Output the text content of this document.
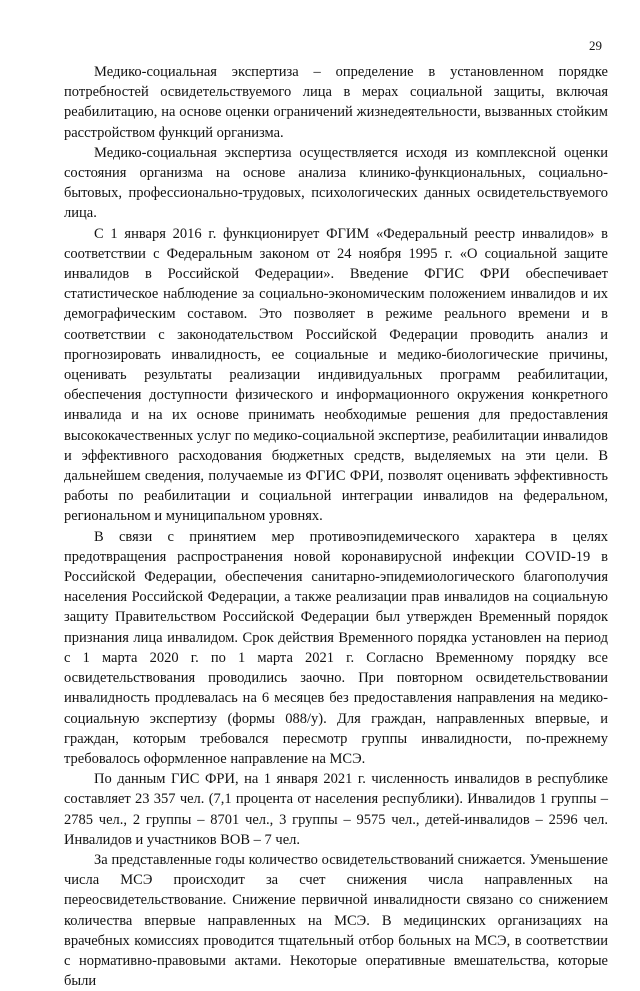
29

Медико-социальная экспертиза – определение в установленном порядке потребностей освидетельствуемого лица в мерах социальной защиты, включая реабилитацию, на основе оценки ограничений жизнедеятельности, вызванных стойким расстройством функций организма.

Медико-социальная экспертиза осуществляется исходя из комплексной оценки состояния организма на основе анализа клинико-функциональных, социально-бытовых, профессионально-трудовых, психологических данных освидетельствуемого лица.

С 1 января 2016 г. функционирует ФГИМ «Федеральный реестр инвалидов» в соответствии с Федеральным законом от 24 ноября 1995 г. «О социальной защите инвалидов в Российской Федерации». Введение ФГИС ФРИ обеспечивает статистическое наблюдение за социально-экономическим положением инвалидов и их демографическим составом. Это позволяет в режиме реального времени и в соответствии с законодательством Российской Федерации проводить анализ и прогнозировать инвалидность, ее социальные и медико-биологические причины, оценивать результаты реализации индивидуальных программ реабилитации, обеспечения доступности физического и информационного окружения конкретного инвалида и на их основе принимать необходимые решения для предоставления высококачественных услуг по медико-социальной экспертизе, реабилитации инвалидов и эффективного расходования бюджетных средств, выделяемых на эти цели. В дальнейшем сведения, получаемые из ФГИС ФРИ, позволят оценивать эффективность работы по реабилитации и социальной интеграции инвалидов на федеральном, региональном и муниципальном уровнях.

В связи с принятием мер противоэпидемического характера в целях предотвращения распространения новой коронавирусной инфекции COVID-19 в Российской Федерации, обеспечения санитарно-эпидемиологического благополучия населения Российской Федерации, а также реализации прав инвалидов на социальную защиту Правительством Российской Федерации был утвержден Временный порядок признания лица инвалидом. Срок действия Временного порядка установлен на период с 1 марта 2020 г. по 1 марта 2021 г. Согласно Временному порядку все освидетельствования проводились заочно. При повторном освидетельствовании инвалидность продлевалась на 6 месяцев без предоставления направления на медико-социальную экспертизу (формы 088/у). Для граждан, направленных впервые, и граждан, которым требовался пересмотр группы инвалидности, по-прежнему требовалось оформленное направление на МСЭ.

По данным ГИС ФРИ, на 1 января 2021 г. численность инвалидов в республике составляет 23 357 чел. (7,1 процента от населения республики). Инвалидов 1 группы – 2785 чел., 2 группы – 8701 чел., 3 группы – 9575 чел., детей-инвалидов – 2596 чел. Инвалидов и участников ВОВ – 7 чел.

За представленные годы количество освидетельствований снижается. Уменьшение числа МСЭ происходит за счет снижения числа направленных на переосвидетельствование. Снижение первичной инвалидности связано со снижением количества впервые направленных на МСЭ. В медицинских организациях на врачебных комиссиях проводится тщательный отбор больных на МСЭ, в соответствии с нормативно-правовыми актами. Некоторые оперативные вмешательства, которые были
